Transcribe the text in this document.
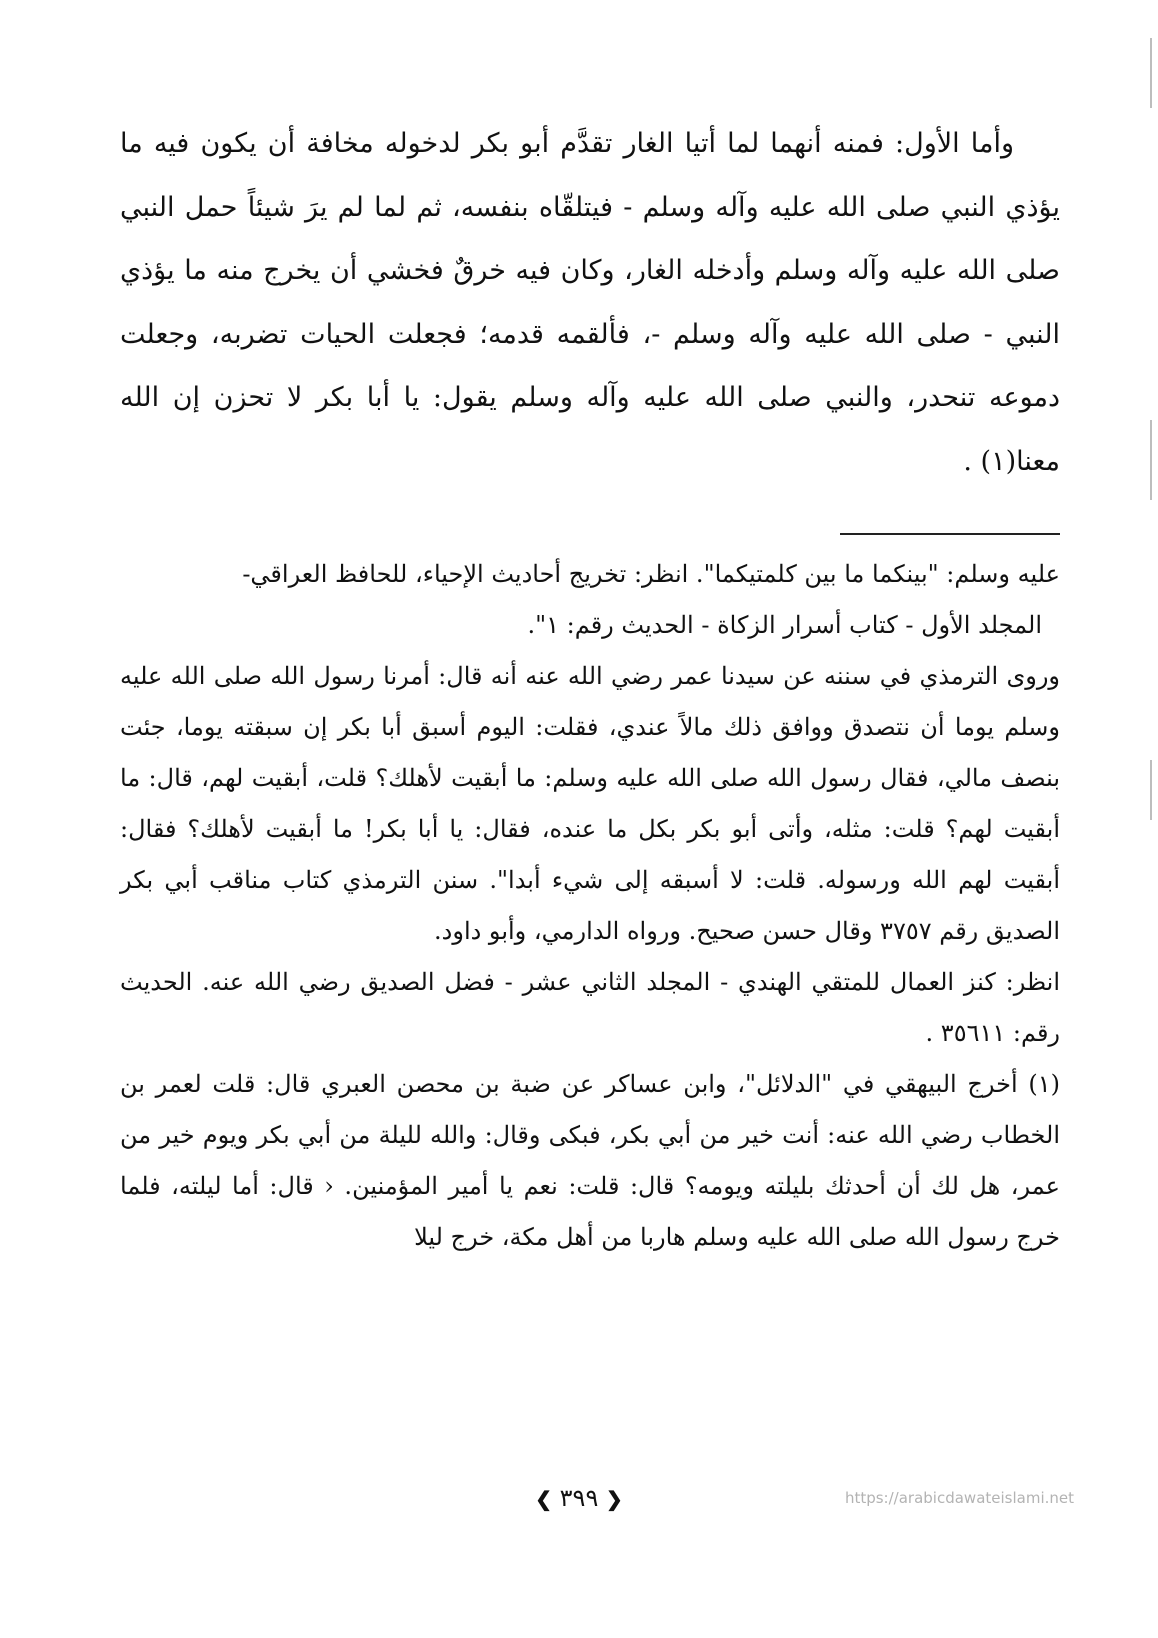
وأما الأول: فمنه أنهما لما أتيا الغار تقدَّم أبو بكر لدخوله مخافة أن يكون فيه ما يؤذي النبي صلى الله عليه وآله وسلم - فيتلقّاه بنفسه، ثم لما لم يرَ شيئاً حمل النبي صلى الله عليه وآله وسلم وأدخله الغار، وكان فيه خرقٌ فخشي أن يخرج منه ما يؤذي النبي - صلى الله عليه وآله وسلم -، فألقمه قدمه؛ فجعلت الحيات تضربه، وجعلت دموعه تنحدر، والنبي صلى الله عليه وآله وسلم يقول: يا أبا بكر لا تحزن إن الله معنا(١) .

عليه وسلم: "بينكما ما بين كلمتيكما". انظر: تخريج أحاديث الإحياء، للحافظ العراقي-

المجلد الأول - كتاب أسرار الزكاة - الحديث رقم: ١".

وروى الترمذي في سننه عن سيدنا عمر رضي الله عنه أنه قال: أمرنا رسول الله صلى الله عليه وسلم يوما أن نتصدق ووافق ذلك مالاً عندي، فقلت: اليوم أسبق أبا بكر إن سبقته يوما، جئت بنصف مالي، فقال رسول الله صلى الله عليه وسلم: ما أبقيت لأهلك؟ قلت، أبقيت لهم، قال: ما أبقيت لهم؟ قلت: مثله، وأتى أبو بكر بكل ما عنده، فقال: يا أبا بكر! ما أبقيت لأهلك؟ فقال: أبقيت لهم الله ورسوله. قلت: لا أسبقه إلى شيء أبدا". سنن الترمذي كتاب مناقب أبي بكر الصديق رقم ٣٧٥٧ وقال حسن صحيح. ورواه الدارمي، وأبو داود.

انظر: كنز العمال للمتقي الهندي - المجلد الثاني عشر - فضل الصديق رضي الله عنه. الحديث رقم: ٣٥٦١١ .

(١) أخرج البيهقي في "الدلائل"، وابن عساكر عن ضبة بن محصن العبري قال: قلت لعمر بن الخطاب رضي الله عنه: أنت خير من أبي بكر، فبكى وقال: والله لليلة من أبي بكر ويوم خير من عمر، هل لك أن أحدثك بليلته ويومه؟ قال: قلت: نعم يا أمير المؤمنين. ‹ قال: أما ليلته، فلما خرج رسول الله صلى الله عليه وسلم هاربا من أهل مكة، خرج ليلا

❮ ٣٩٩ ❯	https://arabicdawateislami.net
